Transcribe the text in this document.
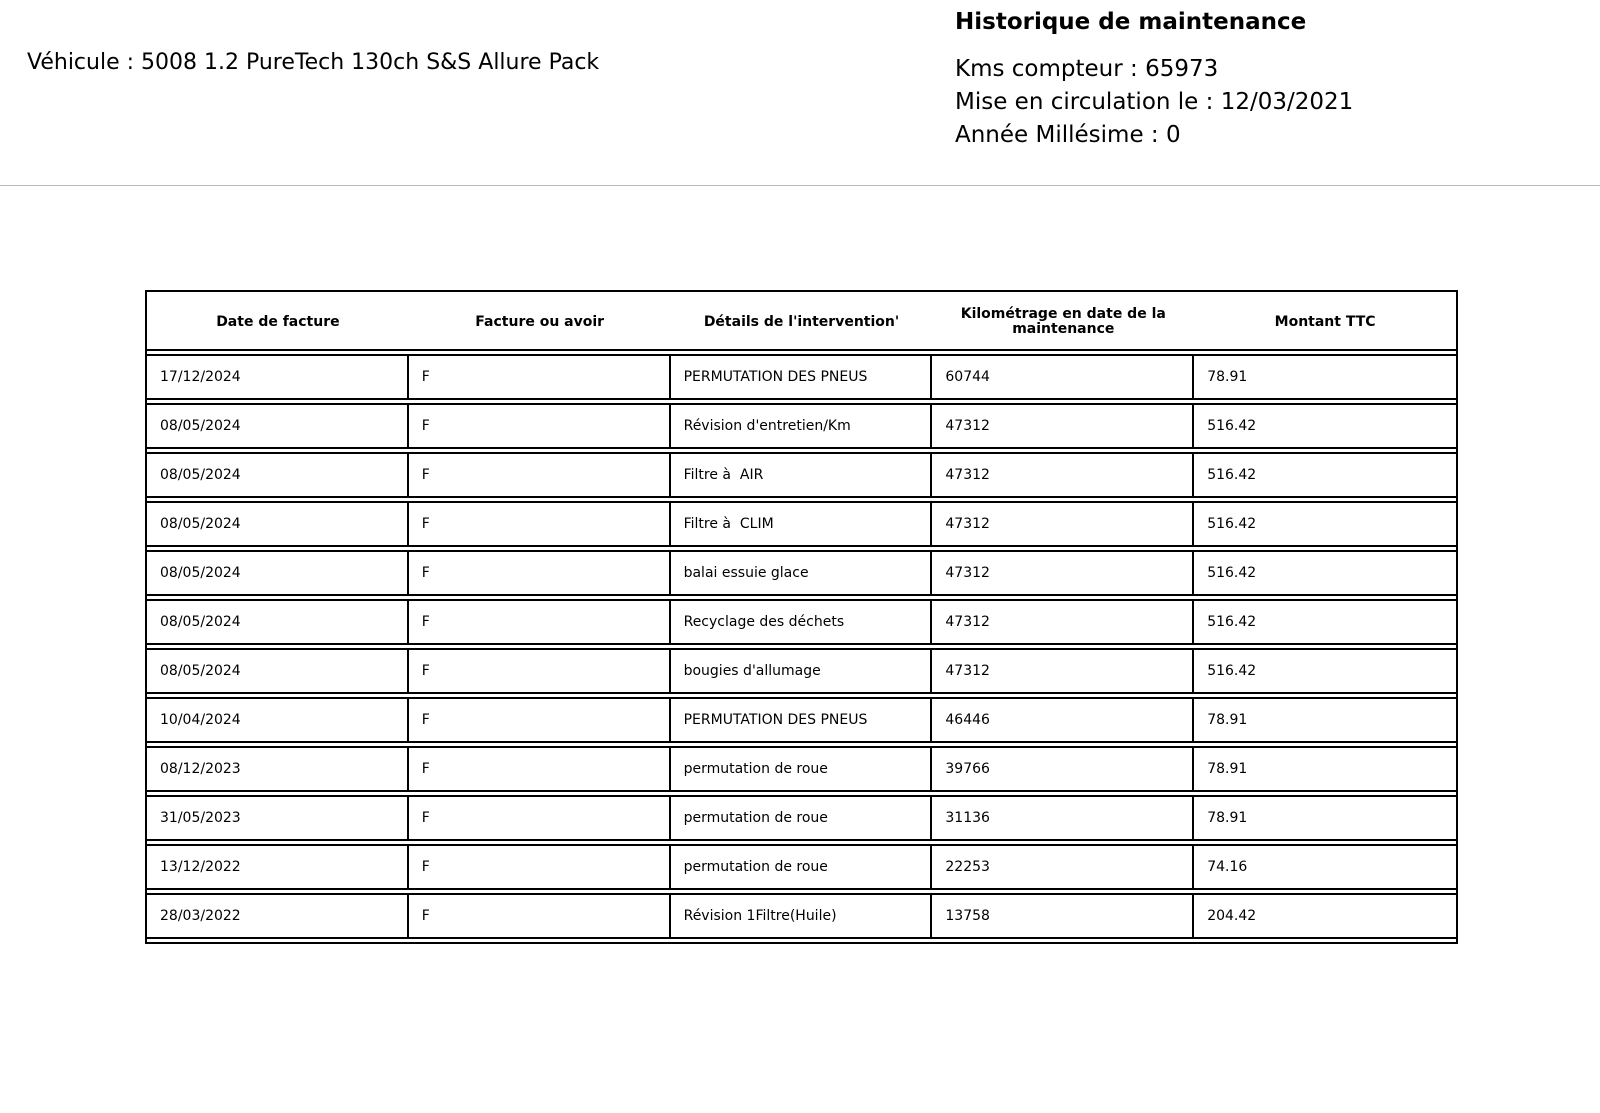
Véhicule : 5008 1.2 PureTech 130ch S&S Allure Pack

Historique de maintenance

Kms compteur : 65973

Mise en circulation le : 12/03/2021

Année Millésime : 0

Date de facture	Facture ou avoir	Détails de l'intervention'	Kilométrage en date de la maintenance	Montant TTC
17/12/2024	F	PERMUTATION DES PNEUS	60744	78.91
08/05/2024	F	Révision d'entretien/Km	47312	516.42
08/05/2024	F	Filtre à  AIR	47312	516.42
08/05/2024	F	Filtre à  CLIM	47312	516.42
08/05/2024	F	balai essuie glace	47312	516.42
08/05/2024	F	Recyclage des déchets	47312	516.42
08/05/2024	F	bougies d'allumage	47312	516.42
10/04/2024	F	PERMUTATION DES PNEUS	46446	78.91
08/12/2023	F	permutation de roue	39766	78.91
31/05/2023	F	permutation de roue	31136	78.91
13/12/2022	F	permutation de roue	22253	74.16
28/03/2022	F	Révision 1Filtre(Huile)	13758	204.42
